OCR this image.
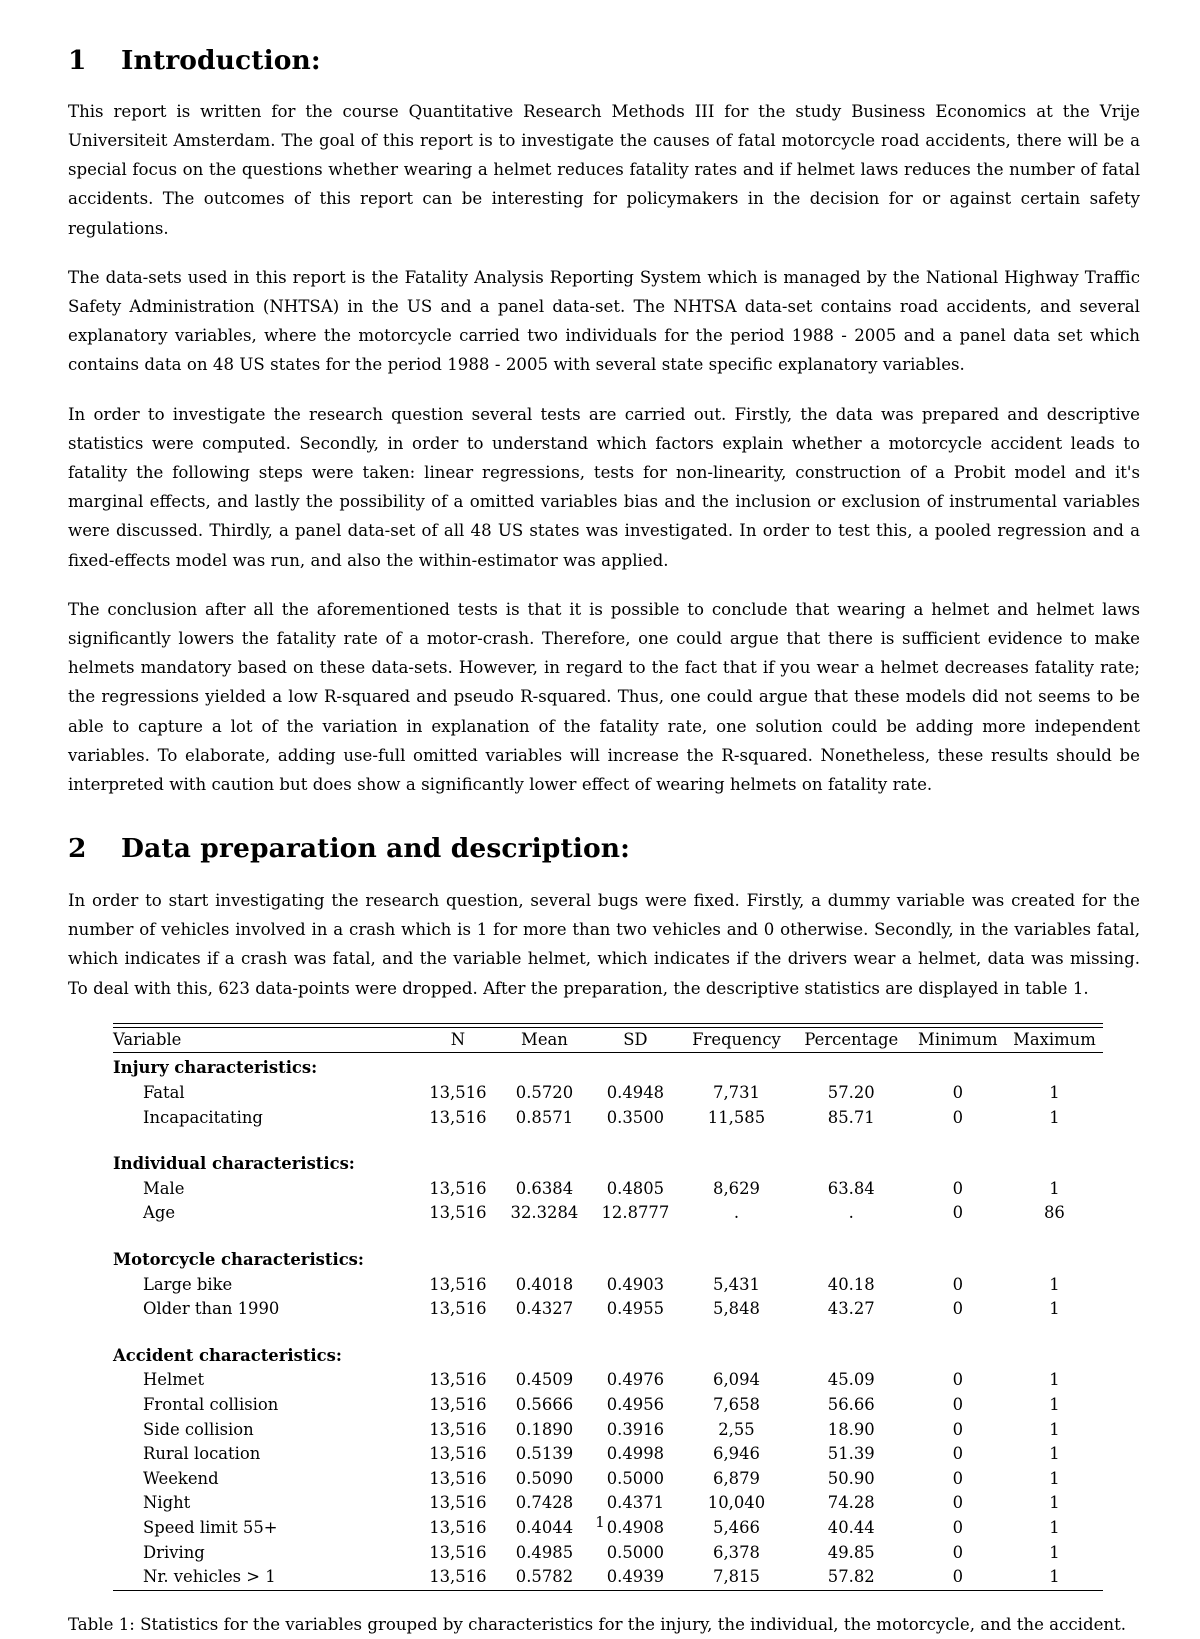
1 Introduction:

This report is written for the course Quantitative Research Methods III for the study Business Economics at the Vrije Universiteit Amsterdam. The goal of this report is to investigate the causes of fatal motorcycle road accidents, there will be a special focus on the questions whether wearing a helmet reduces fatality rates and if helmet laws reduces the number of fatal accidents. The outcomes of this report can be interesting for policymakers in the decision for or against certain safety regulations.

The data-sets used in this report is the Fatality Analysis Reporting System which is managed by the National Highway Traffic Safety Administration (NHTSA) in the US and a panel data-set. The NHTSA data-set contains road accidents, and several explanatory variables, where the motorcycle carried two individuals for the period 1988 - 2005 and a panel data set which contains data on 48 US states for the period 1988 - 2005 with several state specific explanatory variables.

In order to investigate the research question several tests are carried out. Firstly, the data was prepared and descriptive statistics were computed. Secondly, in order to understand which factors explain whether a motorcycle accident leads to fatality the following steps were taken: linear regressions, tests for non-linearity, construction of a Probit model and it's marginal effects, and lastly the possibility of a omitted variables bias and the inclusion or exclusion of instrumental variables were discussed. Thirdly, a panel data-set of all 48 US states was investigated. In order to test this, a pooled regression and a fixed-effects model was run, and also the within-estimator was applied.

The conclusion after all the aforementioned tests is that it is possible to conclude that wearing a helmet and helmet laws significantly lowers the fatality rate of a motor-crash. Therefore, one could argue that there is sufficient evidence to make helmets mandatory based on these data-sets. However, in regard to the fact that if you wear a helmet decreases fatality rate; the regressions yielded a low R-squared and pseudo R-squared. Thus, one could argue that these models did not seems to be able to capture a lot of the variation in explanation of the fatality rate, one solution could be adding more independent variables. To elaborate, adding use-full omitted variables will increase the R-squared. Nonetheless, these results should be interpreted with caution but does show a significantly lower effect of wearing helmets on fatality rate.

2 Data preparation and description:

In order to start investigating the research question, several bugs were fixed. Firstly, a dummy variable was created for the number of vehicles involved in a crash which is 1 for more than two vehicles and 0 otherwise. Secondly, in the variables fatal, which indicates if a crash was fatal, and the variable helmet, which indicates if the drivers wear a helmet, data was missing. To deal with this, 623 data-points were dropped. After the preparation, the descriptive statistics are displayed in table 1.

Variable	N	Mean	SD	Frequency	Percentage	Minimum	Maximum
Injury characteristics:							
Fatal	13,516	0.5720	0.4948	7,731	57.20	0	1
Incapacitating	13,516	0.8571	0.3500	11,585	85.71	0	1
Individual characteristics:							
Male	13,516	0.6384	0.4805	8,629	63.84	0	1
Age	13,516	32.3284	12.8777	.	.	0	86
Motorcycle characteristics:							
Large bike	13,516	0.4018	0.4903	5,431	40.18	0	1
Older than 1990	13,516	0.4327	0.4955	5,848	43.27	0	1
Accident characteristics:							
Helmet	13,516	0.4509	0.4976	6,094	45.09	0	1
Frontal collision	13,516	0.5666	0.4956	7,658	56.66	0	1
Side collision	13,516	0.1890	0.3916	2,55	18.90	0	1
Rural location	13,516	0.5139	0.4998	6,946	51.39	0	1
Weekend	13,516	0.5090	0.5000	6,879	50.90	0	1
Night	13,516	0.7428	0.4371	10,040	74.28	0	1
Speed limit 55+	13,516	0.4044	0.4908	5,466	40.44	0	1
Driving	13,516	0.4985	0.5000	6,378	49.85	0	1
Nr. vehicles > 1	13,516	0.5782	0.4939	7,815	57.82	0	1

Table 1: Statistics for the variables grouped by characteristics for the injury, the individual, the motorcycle, and the accident.

1
